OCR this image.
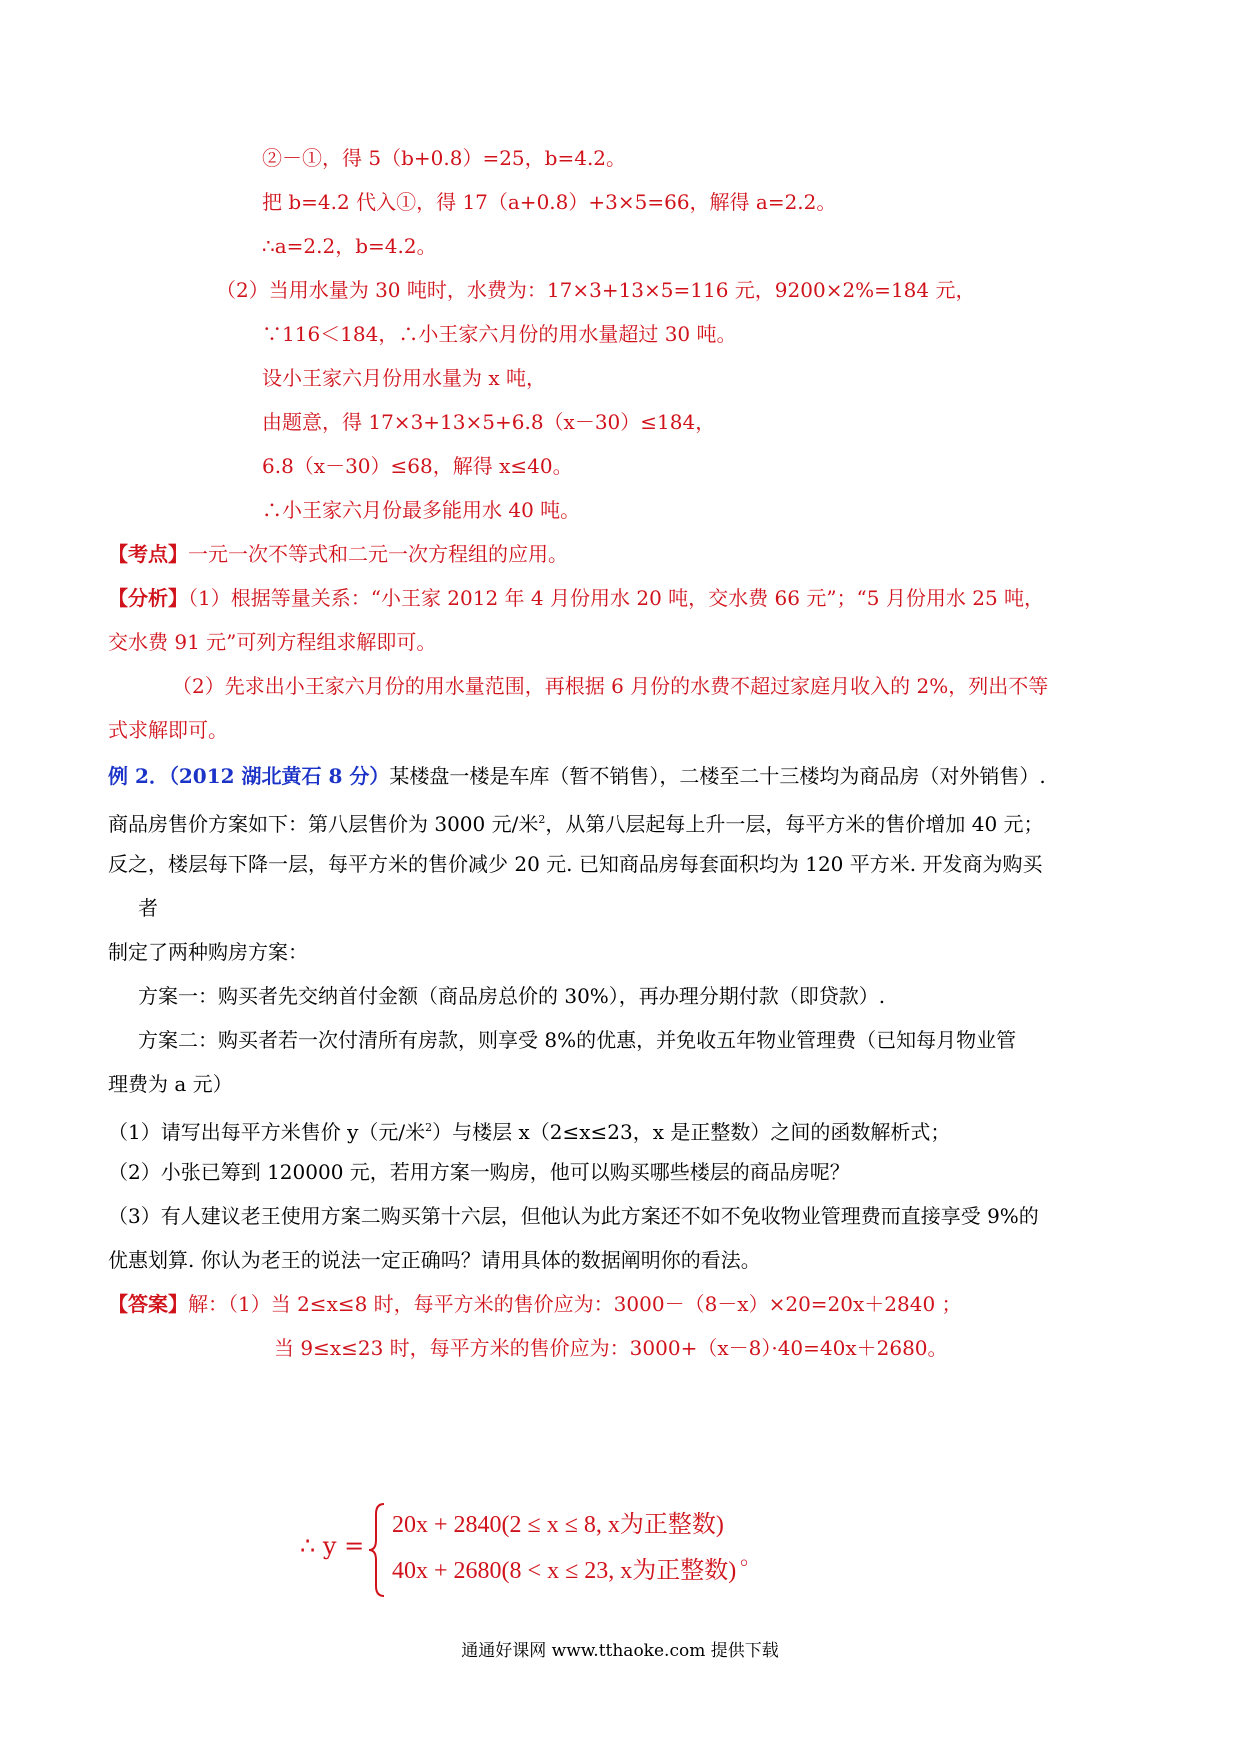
②－①，得 5（b+0.8）=25，b=4.2。
把 b=4.2 代入①，得 17（a+0.8）+3×5=66，解得 a=2.2。
∴a=2.2，b=4.2。
（2）当用水量为 30 吨时，水费为：17×3+13×5=116 元，9200×2%=184 元，
∵116＜184，∴小王家六月份的用水量超过 30 吨。
设小王家六月份用水量为 x 吨，
由题意，得 17×3+13×5+6.8（x－30）≤184，
6.8（x－30）≤68，解得 x≤40。
∴小王家六月份最多能用水 40 吨。
【考点】一元一次不等式和二元一次方程组的应用。
【分析】（1）根据等量关系：“小王家 2012 年 4 月份用水 20 吨，交水费 66 元”；“5 月份用水 25 吨，
交水费 91 元”可列方程组求解即可。
（2）先求出小王家六月份的用水量范围，再根据 6 月份的水费不超过家庭月收入的 2%，列出不等
式求解即可。
例 2．（2012 湖北黄石 8 分）某楼盘一楼是车库（暂不销售），二楼至二十三楼均为商品房（对外销售）.
商品房售价方案如下：第八层售价为 3000 元/米$^2$，从第八层起每上升一层，每平方米的售价增加 40 元；
反之，楼层每下降一层，每平方米的售价减少 20 元. 已知商品房每套面积均为 120 平方米. 开发商为购买
者
制定了两种购房方案：
方案一：购买者先交纳首付金额（商品房总价的 30%），再办理分期付款（即贷款）.
方案二：购买者若一次付清所有房款，则享受 8%的优惠，并免收五年物业管理费（已知每月物业管
理费为 a 元）
（1）请写出每平方米售价 y（元/米$^2$）与楼层 x（2≤x≤23，x 是正整数）之间的函数解析式；
（2）小张已筹到 120000 元，若用方案一购房，他可以购买哪些楼层的商品房呢？
（3）有人建议老王使用方案二购买第十六层，但他认为此方案还不如不免收物业管理费而直接享受 9%的
优惠划算. 你认为老王的说法一定正确吗？请用具体的数据阐明你的看法。
【答案】解：（1）当 2≤x≤8 时，每平方米的售价应为：3000－（8－x）×20=20x＋2840 ；
当 9≤x≤23 时，每平方米的售价应为：3000+（x－8）·40=40x＋2680。
∴ y =
20x + 2840(2 ≤ x ≤ 8, x为正整数)
40x + 2680(8 < x ≤ 23, x为正整数)
。
通通好课网 www.tthaoke.com 提供下载
